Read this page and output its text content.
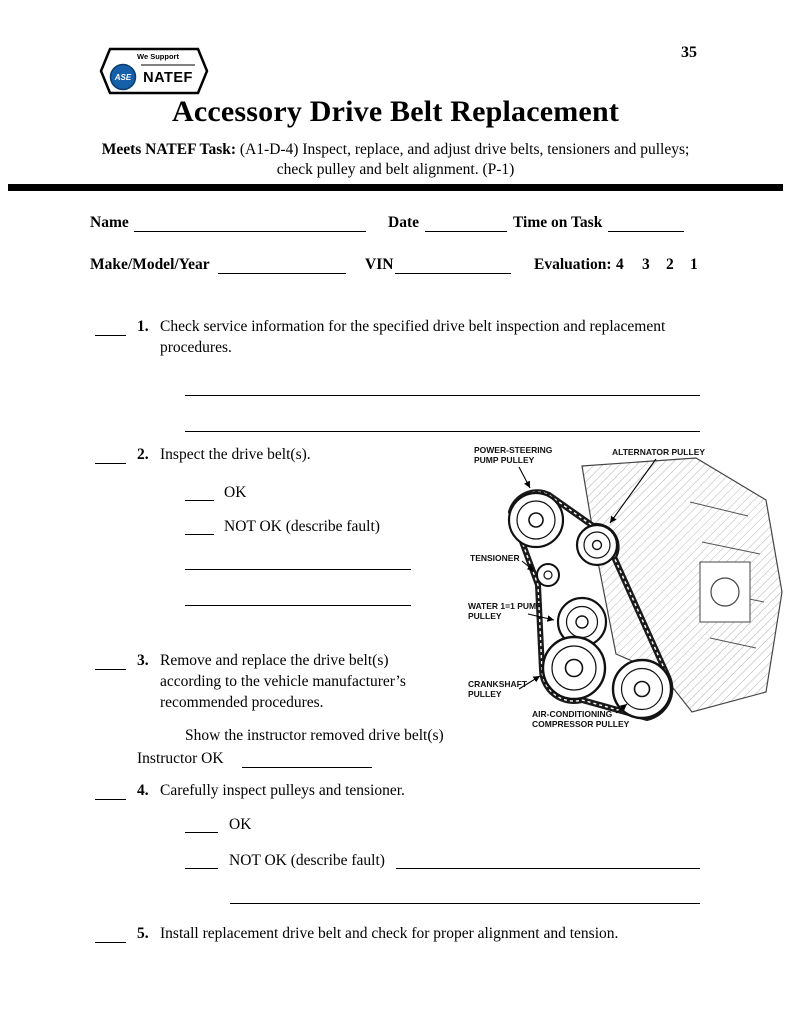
We Support
ASE NATEF
35
Accessory Drive Belt Replacement
Meets NATEF Task: (A1-D-4) Inspect, replace, and adjust drive belts, tensioners and pulleys;
check pulley and belt alignment. (P-1)
Name	Date	Time on Task
Make/Model/Year	VIN	Evaluation: 4 3 2 1
1. Check service information for the specified drive belt inspection and replacement
procedures.
2. Inspect the drive belt(s).
OK
NOT OK (describe fault)
POWER-STEERING
PUMP PULLEY
ALTERNATOR PULLEY
TENSIONER
WATER 1=1 PUMP
PULLEY
CRANKSHAFT
PULLEY
AIR-CONDITIONING
COMPRESSOR PULLEY
3. Remove and replace the drive belt(s)
according to the vehicle manufacturer’s
recommended procedures.
Show the instructor removed drive belt(s)
Instructor OK
4. Carefully inspect pulleys and tensioner.
OK
NOT OK (describe fault)
5. Install replacement drive belt and check for proper alignment and tension.
